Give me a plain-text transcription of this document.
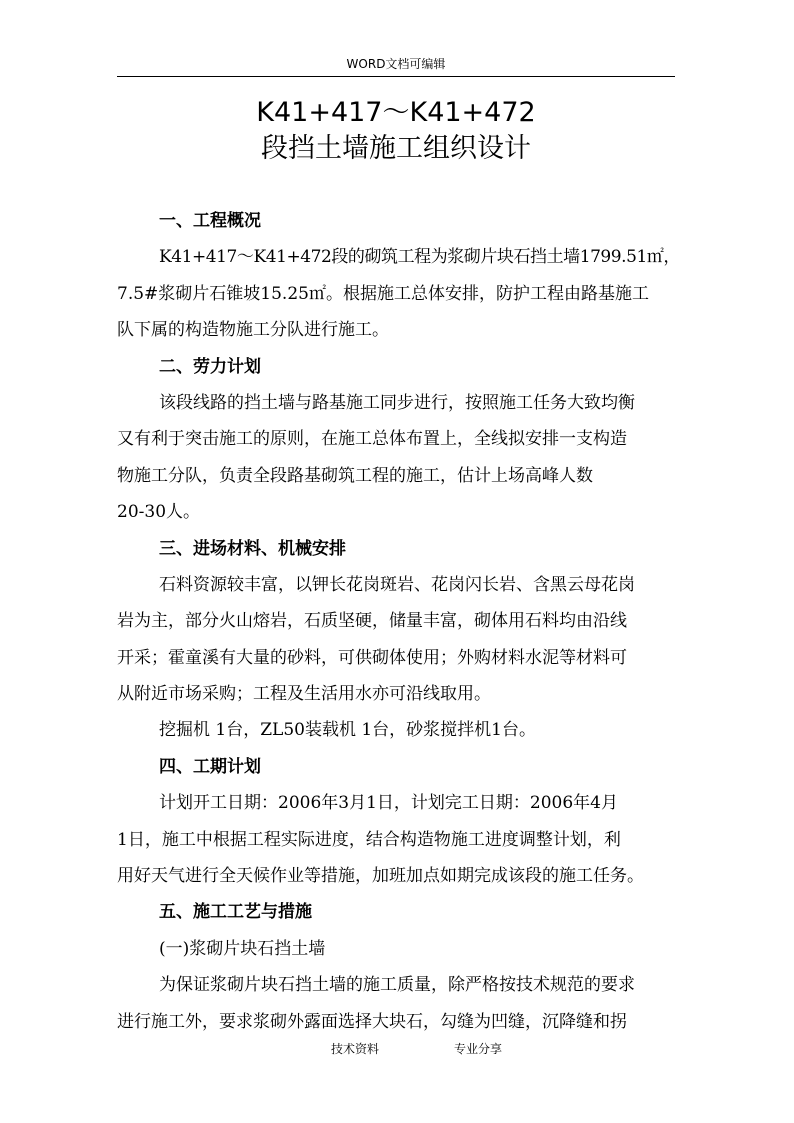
WORD文档可编辑
K41+417～K41+472
段挡土墙施工组织设计
一、工程概况
K41+417～K41+472段的砌筑工程为浆砌片块石挡土墙1799.51㎡，
7.5#浆砌片石锥坡15.25㎡。根据施工总体安排，防护工程由路基施工
队下属的构造物施工分队进行施工。
二、劳力计划
该段线路的挡土墙与路基施工同步进行，按照施工任务大致均衡
又有利于突击施工的原则，在施工总体布置上，全线拟安排一支构造
物施工分队，负责全段路基砌筑工程的施工，估计上场高峰人数
20-30人。
三、进场材料、机械安排
石料资源较丰富，以钾长花岗斑岩、花岗闪长岩、含黑云母花岗
岩为主，部分火山熔岩，石质坚硬，储量丰富，砌体用石料均由沿线
开采；霍童溪有大量的砂料，可供砌体使用；外购材料水泥等材料可
从附近市场采购；工程及生活用水亦可沿线取用。
挖掘机 1台，ZL50装载机 1台，砂浆搅拌机1台。
四、工期计划
计划开工日期：2006年3月1日，计划完工日期：2006年4月
1日，施工中根据工程实际进度，结合构造物施工进度调整计划，利
用好天气进行全天候作业等措施，加班加点如期完成该段的施工任务。
五、施工工艺与措施
(一)浆砌片块石挡土墙
为保证浆砌片块石挡土墙的施工质量，除严格按技术规范的要求
进行施工外，要求浆砌外露面选择大块石，勾缝为凹缝，沉降缝和拐
技术资料	专业分享
